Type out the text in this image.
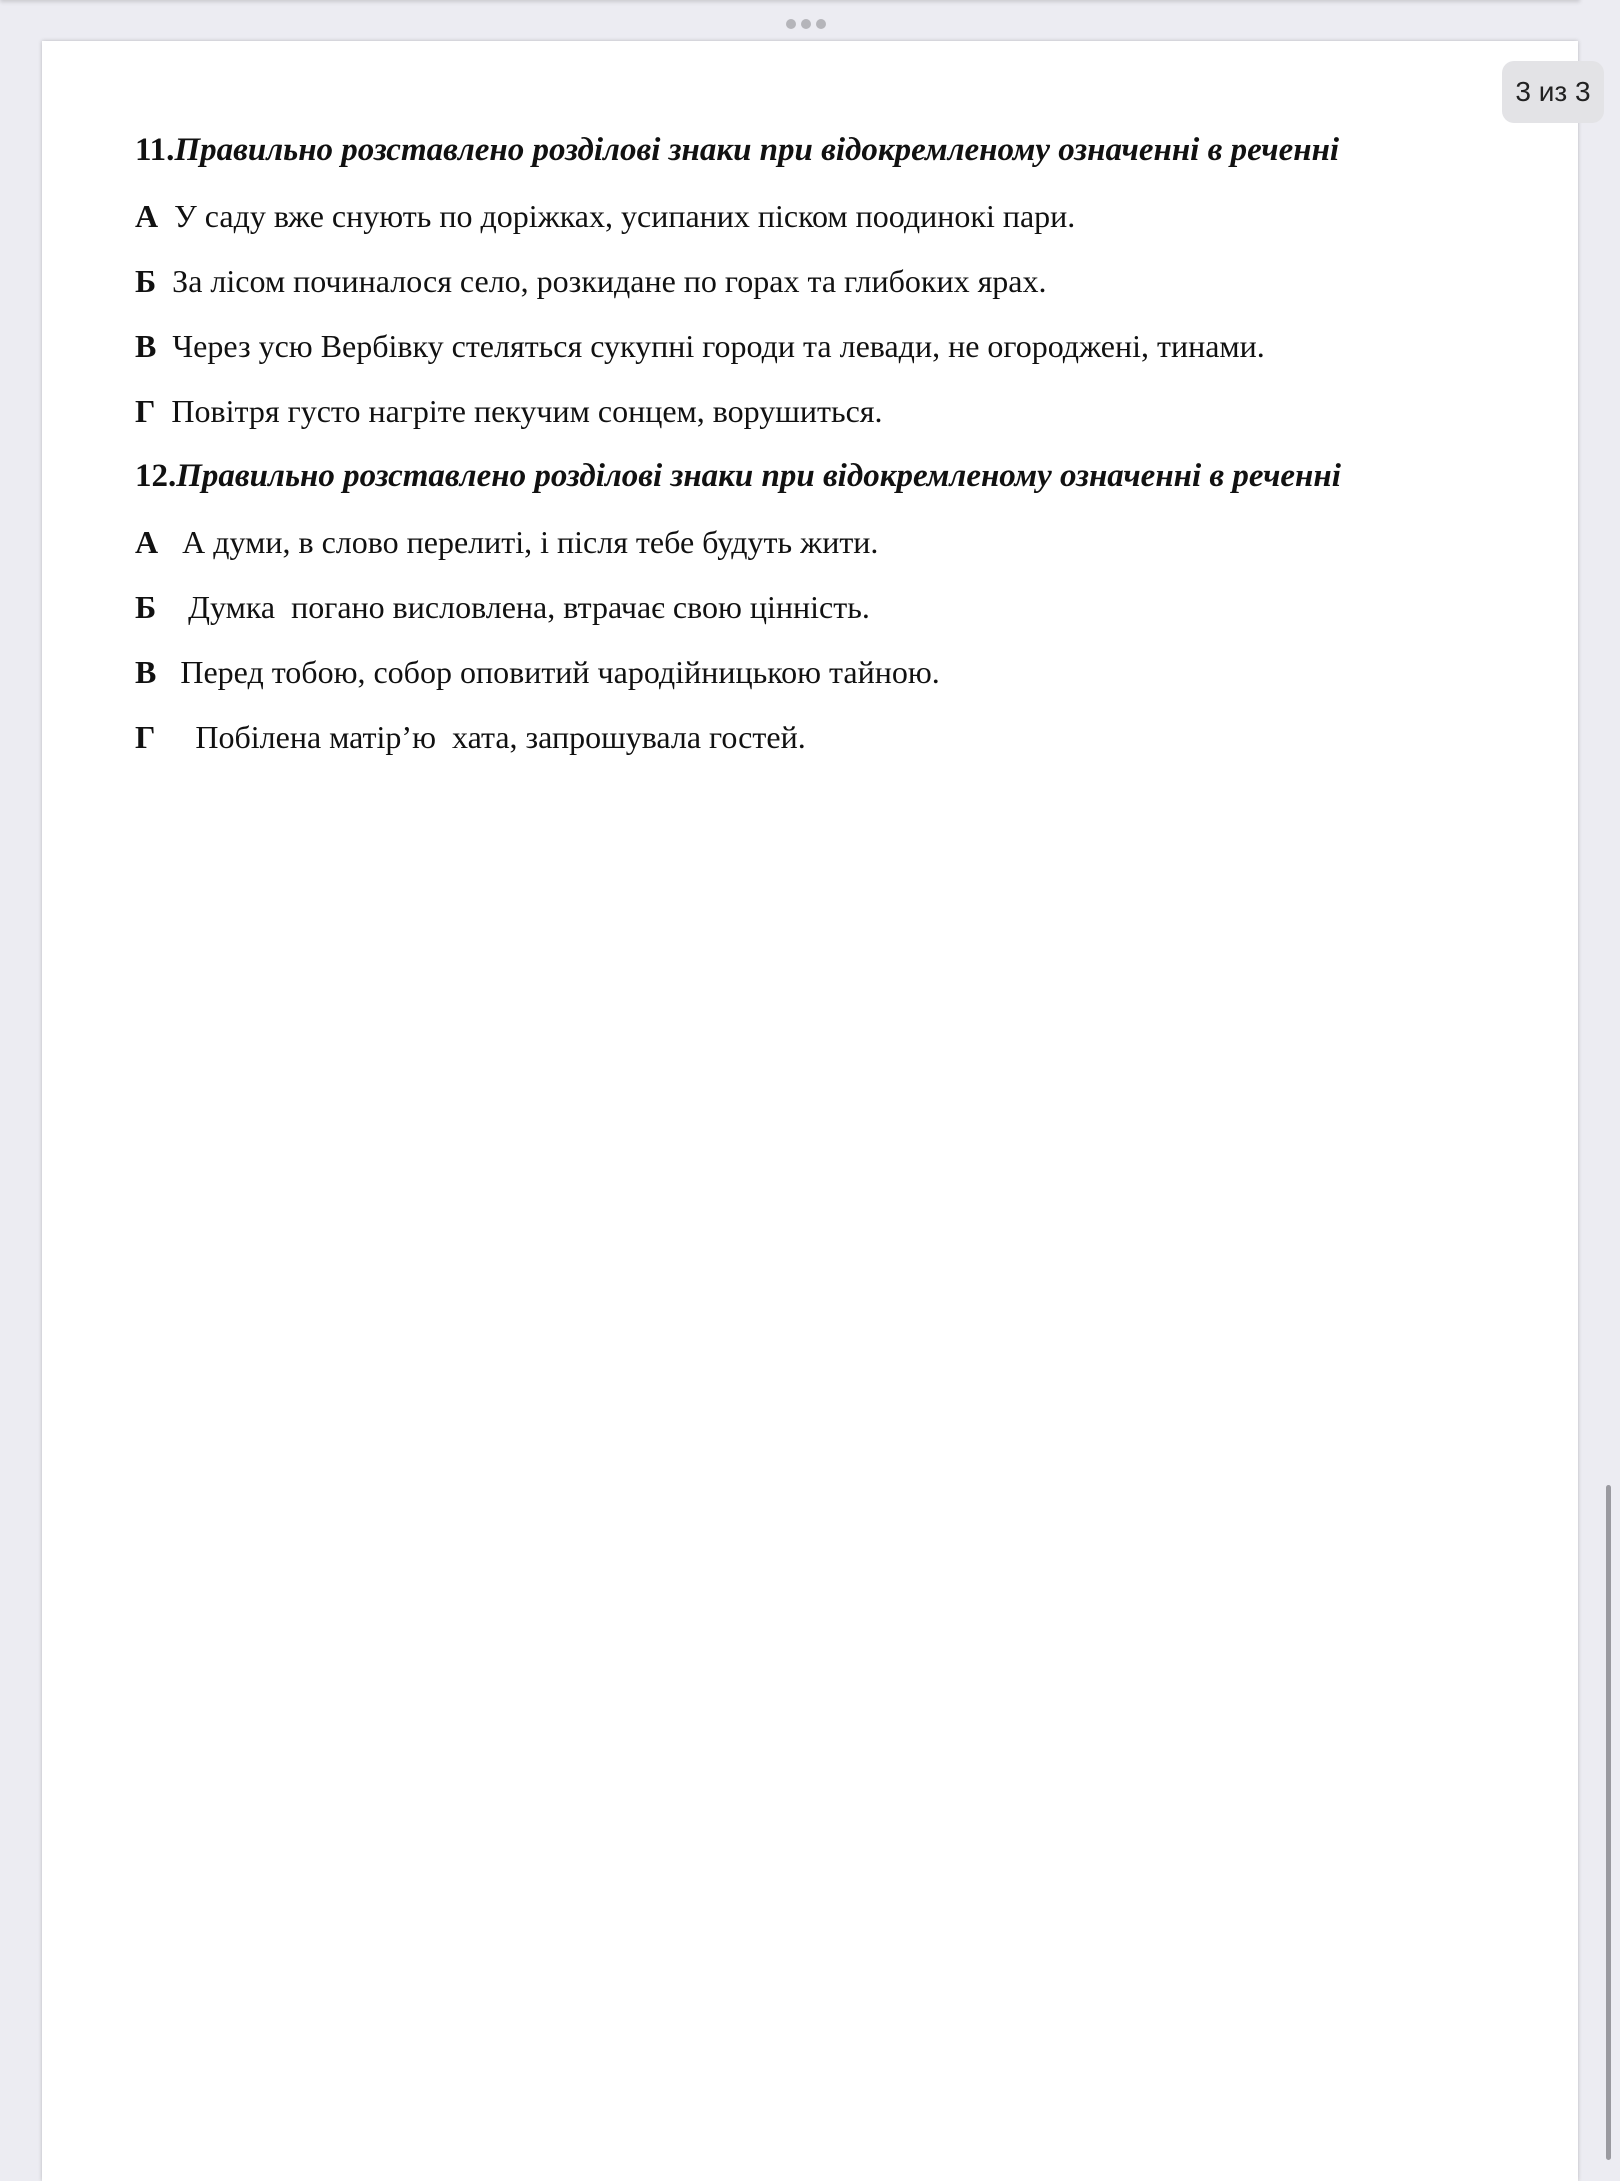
3 из 3
11.Правильно розставлено розділові знаки при відокремленому означенні в реченні
А У саду вже снують по доріжках, усипаних піском поодинокі пари.
Б За лісом починалося село, розкидане по горах та глибоких ярах.
В Через усю Вербівку стеляться сукупні городи та левади, не огороджені, тинами.
Г Повітря густо нагріте пекучим сонцем, ворушиться.
12.Правильно розставлено розділові знаки при відокремленому означенні в реченні
А А думи, в слово перелиті, і після тебе будуть жити.
Б Думка  погано висловлена, втрачає свою цінність.
В Перед тобою, собор оповитий чародійницькою тайною.
Г Побілена матір’ю  хата, запрошувала гостей.
